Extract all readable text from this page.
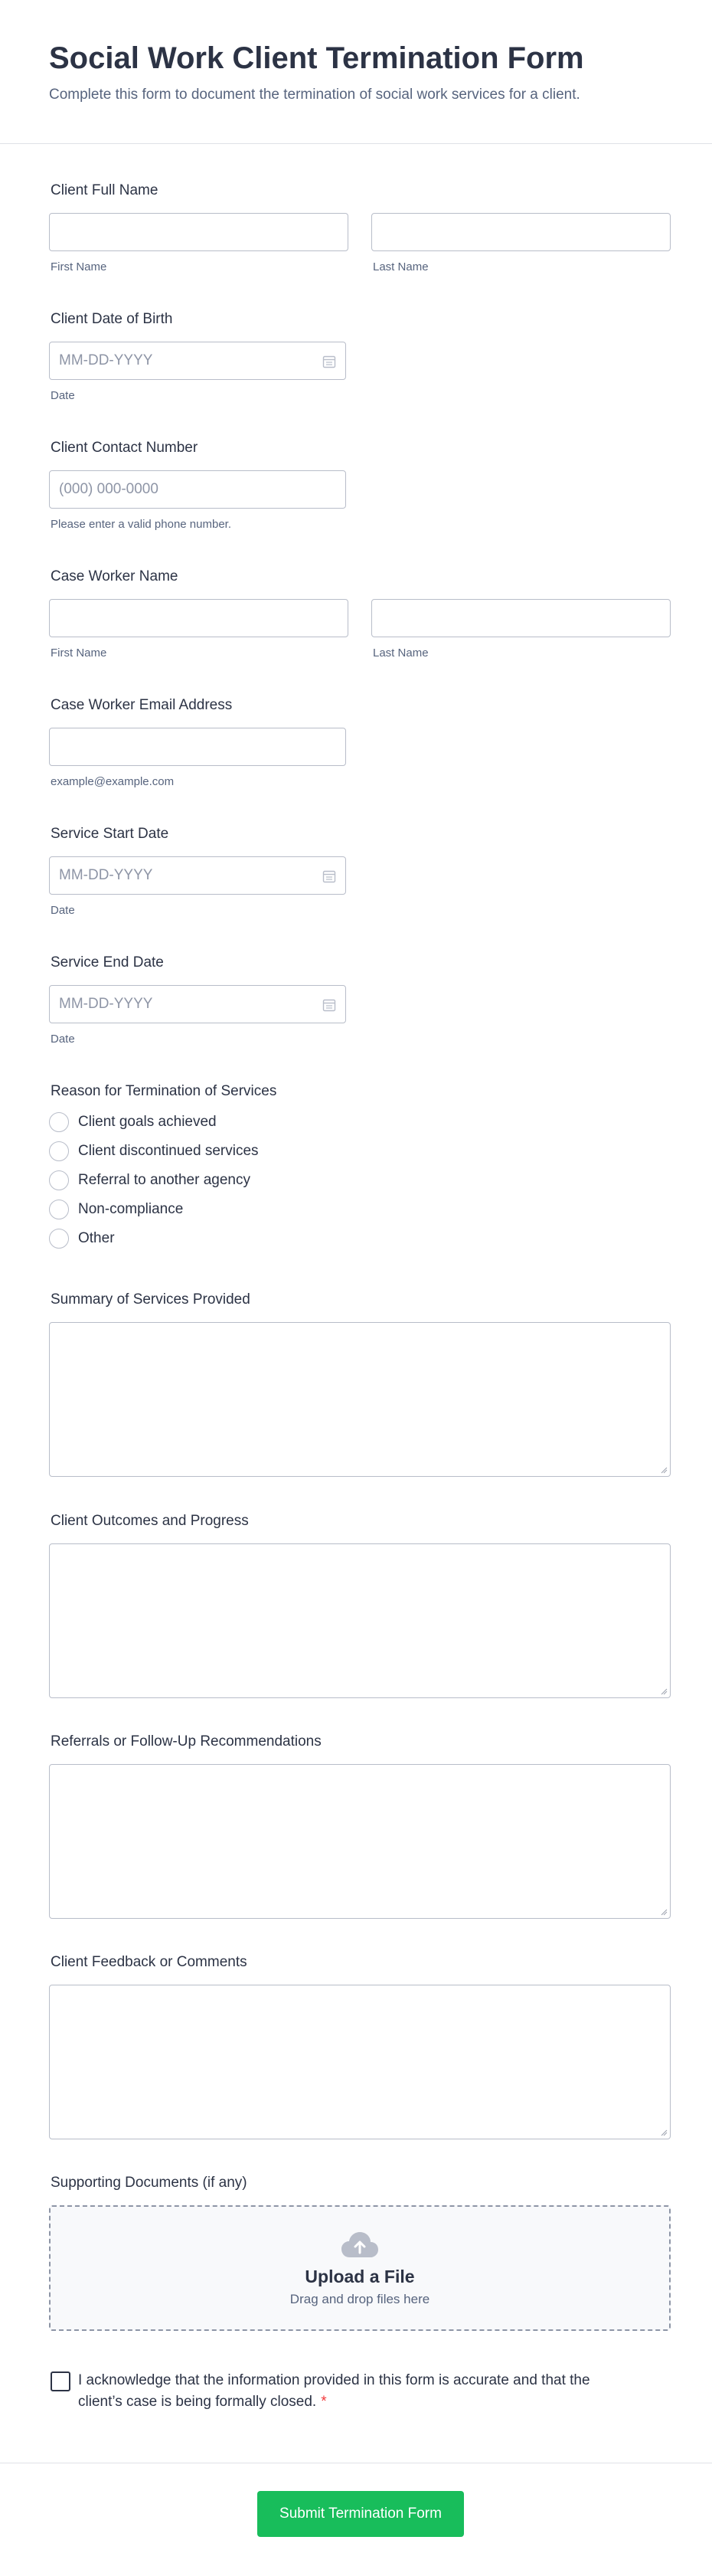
Social Work Client Termination Form

Complete this form to document the termination of social work services for a client.

Client Full Name
First Name	Last Name
Client Date of Birth
MM-DD-YYYY
Date
Client Contact Number
(000) 000-0000
Please enter a valid phone number.
Case Worker Name
First Name	Last Name
Case Worker Email Address
example@example.com
Service Start Date
MM-DD-YYYY
Date
Service End Date
MM-DD-YYYY
Date
Reason for Termination of Services
Client goals achieved
Client discontinued services
Referral to another agency
Non-compliance
Other
Summary of Services Provided
Client Outcomes and Progress
Referrals or Follow-Up Recommendations
Client Feedback or Comments
Supporting Documents (if any)
Upload a File
Drag and drop files here
I acknowledge that the information provided in this form is accurate and that the client’s case is being formally closed. *
Submit Termination Form
